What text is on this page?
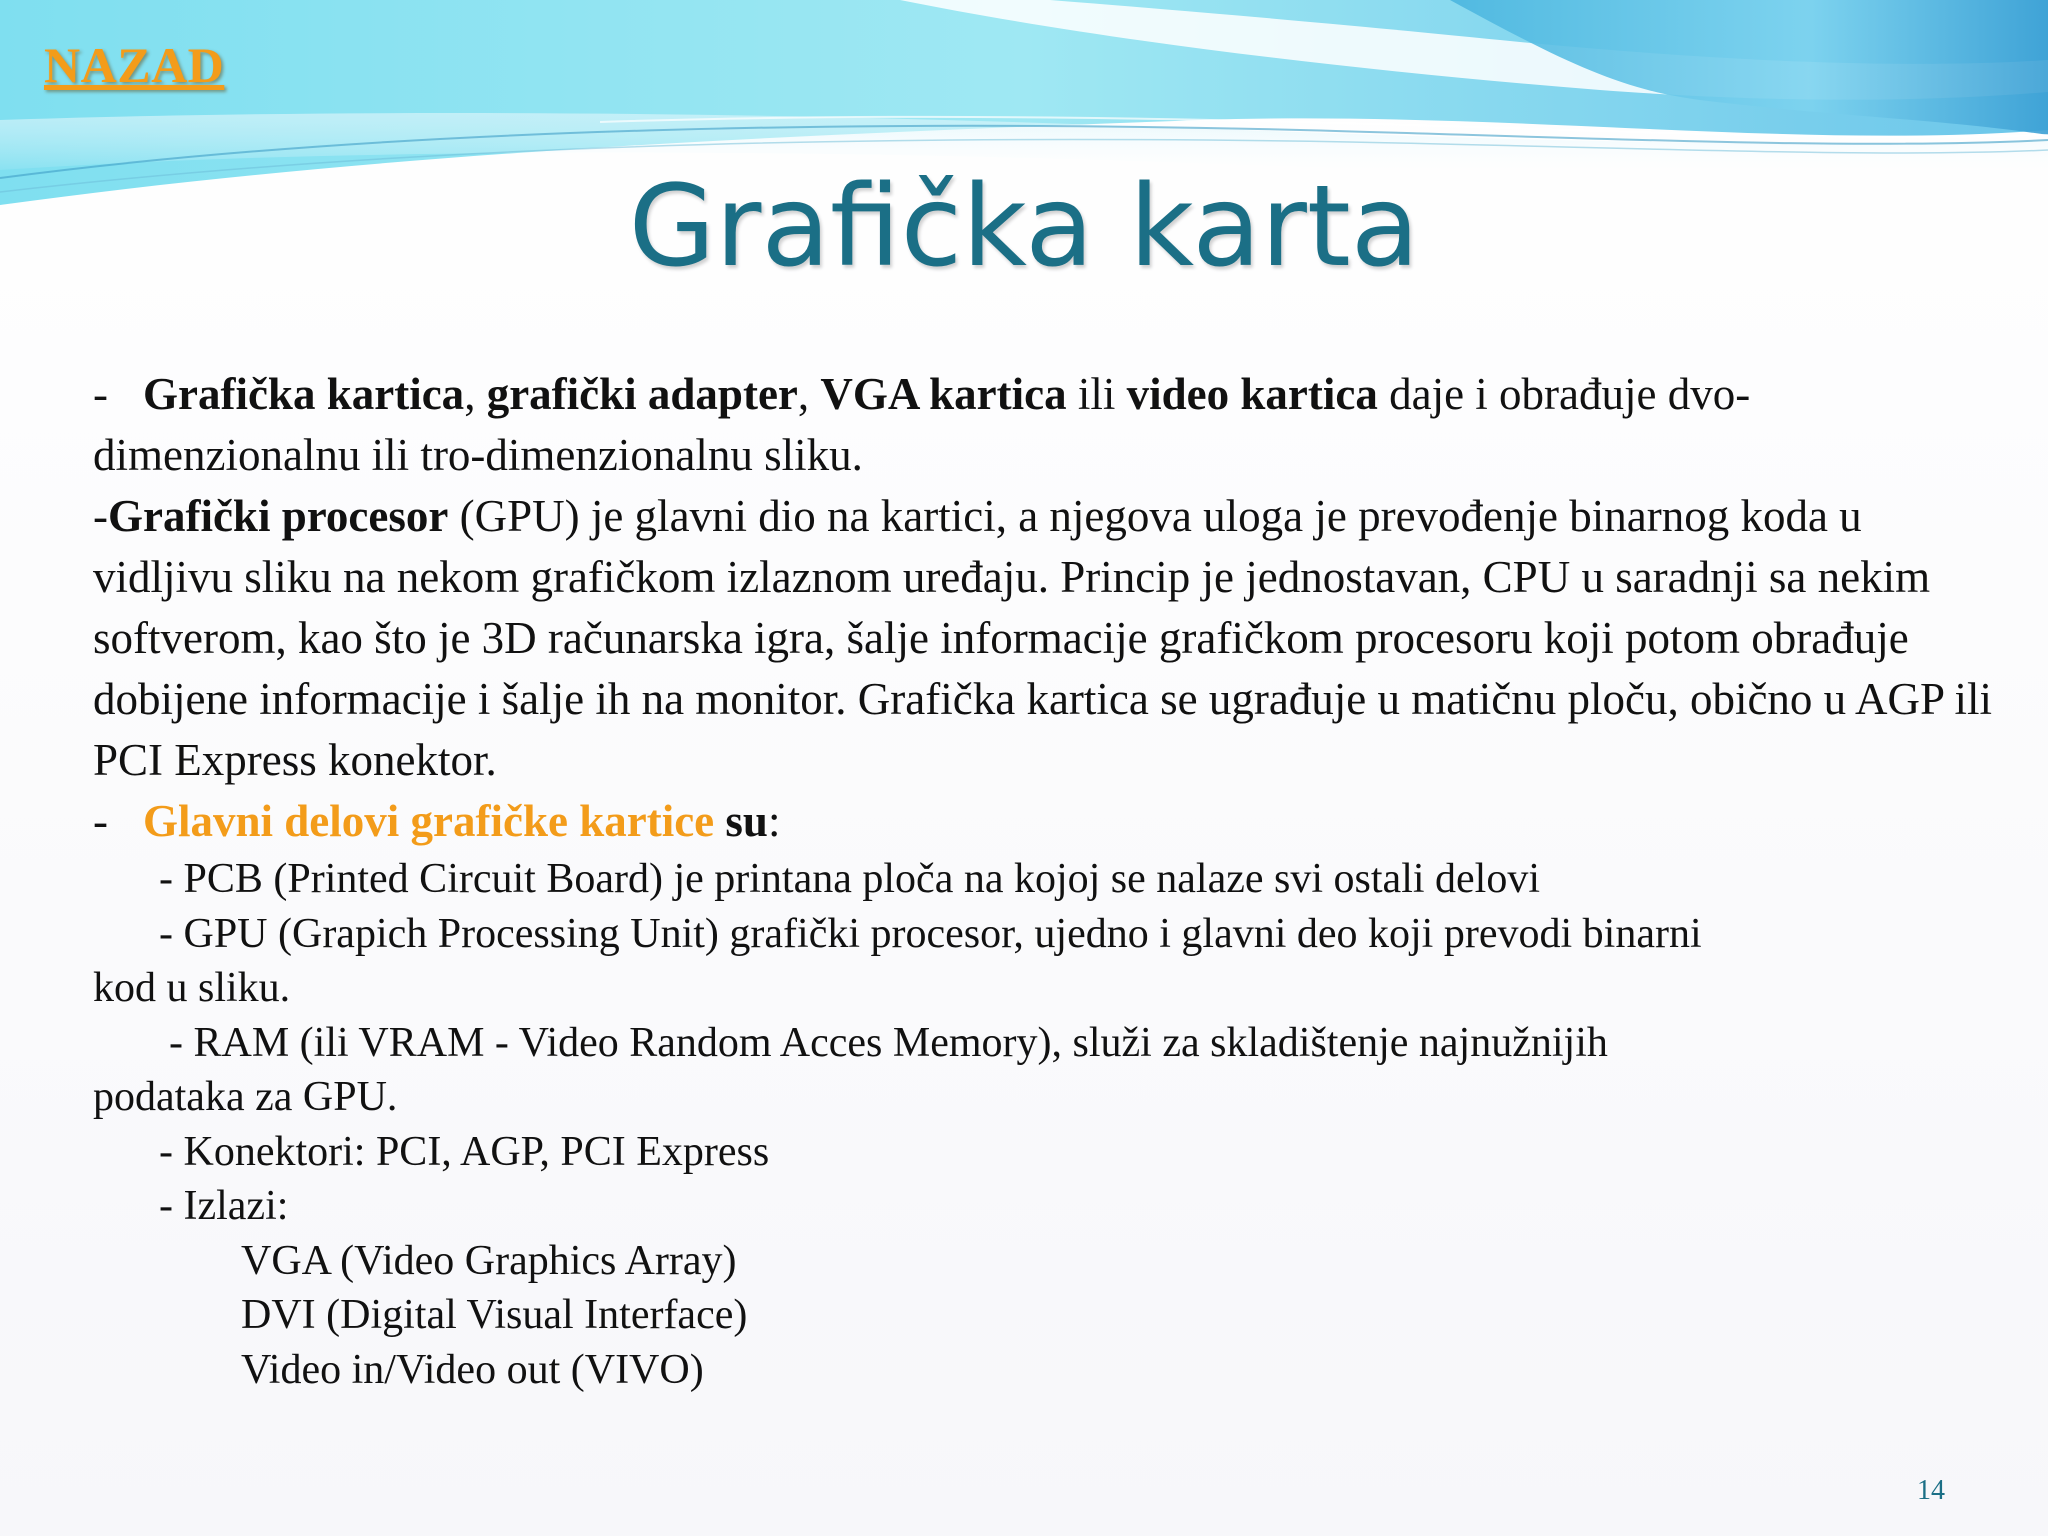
NAZAD
Grafička karta

- Grafička kartica, grafički adapter, VGA kartica ili video kartica daje i obrađuje dvo-dimenzionalnu ili tro-dimenzionalnu sliku.

-Grafički procesor (GPU) je glavni dio na kartici, a njegova uloga je prevođenje binarnog koda u vidljivu sliku na nekom grafičkom izlaznom uređaju. Princip je jednostavan, CPU u saradnji sa nekim softverom, kao što je 3D računarska igra, šalje informacije grafičkom procesoru koji potom obrađuje dobijene informacije i šalje ih na monitor. Grafička kartica se ugrađuje u matičnu ploču, obično u AGP ili PCI Express konektor.

- Glavni delovi grafičke kartice su:

- PCB (Printed Circuit Board) je printana ploča na kojoj se nalaze svi ostali delovi
- GPU (Grapich Processing Unit) grafički procesor, ujedno i glavni deo koji prevodi binarni
kod u sliku.
- RAM (ili VRAM - Video Random Acces Memory), služi za skladištenje najnužnijih
podataka za GPU.
- Konektori: PCI, AGP, PCI Express
- Izlazi:
VGA (Video Graphics Array)
DVI (Digital Visual Interface)
Video in/Video out (VIVO)
14
